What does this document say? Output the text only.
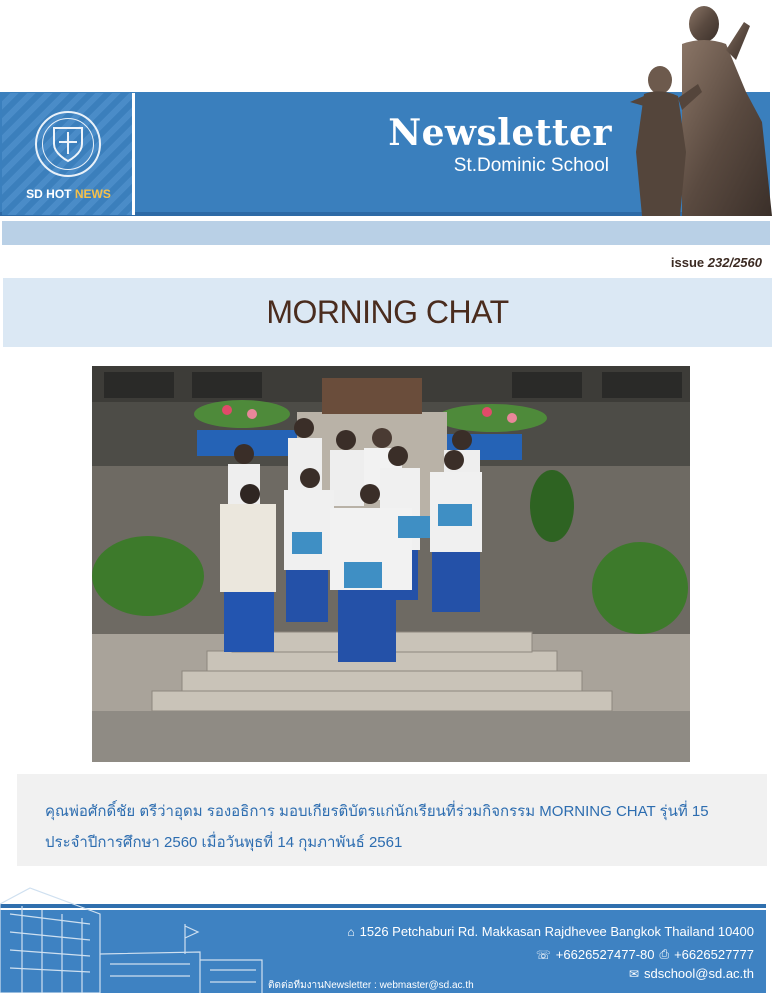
SD HOT NEWS
Newsletter
St.Dominic School
issue 232/2560
MORNING CHAT

คุณพ่อศักดิ์ชัย ตรีว่าอุดม รองอธิการ มอบเกียรติบัตรแก่นักเรียนที่ร่วมกิจกรรม MORNING CHAT รุ่นที่ 15

ประจำปีการศึกษา 2560 เมื่อวันพุธที่ 14 กุมภาพันธ์ 2561

⌂ 1526 Petchaburi Rd. Makkasan Rajdhevee Bangkok Thailand 10400
☏ +6626527477-80 ⎙ +6626527777
✉ sdschool@sd.ac.th
ติดต่อทีมงานNewsletter : webmaster@sd.ac.th
